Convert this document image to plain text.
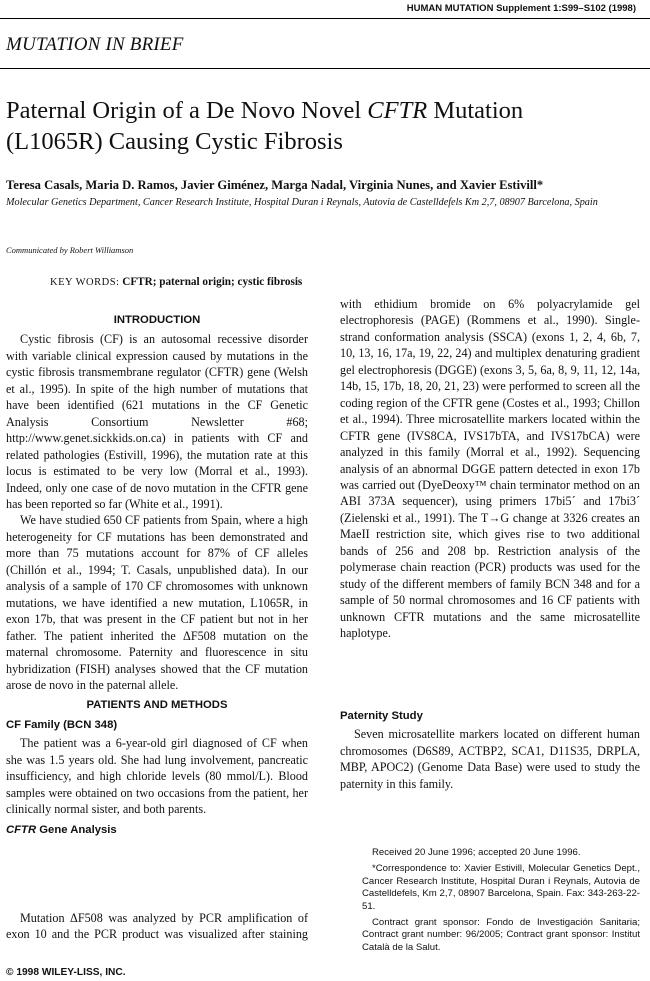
HUMAN MUTATION Supplement 1:S99–S102 (1998)
MUTATION IN BRIEF
Paternal Origin of a De Novo Novel CFTR Mutation
(L1065R) Causing Cystic Fibrosis
Teresa Casals, Maria D. Ramos, Javier Giménez, Marga Nadal, Virginia Nunes, and Xavier Estivill*
Molecular Genetics Department, Cancer Research Institute, Hospital Duran i Reynals, Autovia de Castelldefels Km 2,7, 08907 Barcelona, Spain
Communicated by Robert Williamson
KEY WORDS: CFTR; paternal origin; cystic fibrosis
INTRODUCTION

Cystic fibrosis (CF) is an autosomal recessive disorder with variable clinical expression caused by mutations in the cystic fibrosis transmembrane regulator (CFTR) gene (Welsh et al., 1995). In spite of the high number of mutations that have been identified (621 mutations in the CF Genetic Analysis Consortium Newsletter #68; http://www.genet.sickkids.on.ca) in patients with CF and related pathologies (Estivill, 1996), the mutation rate at this locus is estimated to be very low (Morral et al., 1993). Indeed, only one case of de novo mutation in the CFTR gene has been reported so far (White et al., 1991).

We have studied 650 CF patients from Spain, where a high heterogeneity for CF mutations has been demonstrated and more than 75 mutations account for 87% of CF alleles (Chillón et al., 1994; T. Casals, unpublished data). In our analysis of a sample of 170 CF chromosomes with unknown mutations, we have identified a new mutation, L1065R, in exon 17b, that was present in the CF patient but not in her father. The patient inherited the ΔF508 mutation on the maternal chromosome. Paternity and fluorescence in situ hybridization (FISH) analyses showed that the CF mutation arose de novo in the paternal allele.

PATIENTS AND METHODS
CF Family (BCN 348)

The patient was a 6-year-old girl diagnosed of CF when she was 1.5 years old. She had lung involvement, pancreatic insufficiency, and high chloride levels (80 mmol/L). Blood samples were obtained on two occasions from the patient, her clinically normal sister, and both parents.

CFTR Gene Analysis

Mutation ΔF508 was analyzed by PCR amplification of exon 10 and the PCR product was visualized after staining

with ethidium bromide on 6% polyacrylamide gel electrophoresis (PAGE) (Rommens et al., 1990). Single-strand conformation analysis (SSCA) (exons 1, 2, 4, 6b, 7, 10, 13, 16, 17a, 19, 22, 24) and multiplex denaturing gradient gel electrophoresis (DGGE) (exons 3, 5, 6a, 8, 9, 11, 12, 14a, 14b, 15, 17b, 18, 20, 21, 23) were performed to screen all the coding region of the CFTR gene (Costes et al., 1993; Chillon et al., 1994). Three microsatellite markers located within the CFTR gene (IVS8CA, IVS17bTA, and IVS17bCA) were analyzed in this family (Morral et al., 1992). Sequencing analysis of an abnormal DGGE pattern detected in exon 17b was carried out (DyeDeoxy™ chain terminator method on an ABI 373A sequencer), using primers 17bi5´ and 17bi3´ (Zielenski et al., 1991). The T→G change at 3326 creates an MaeII restriction site, which gives rise to two additional bands of 256 and 208 bp. Restriction analysis of the polymerase chain reaction (PCR) products was used for the study of the different members of family BCN 348 and for a sample of 50 normal chromosomes and 16 CF patients with unknown CFTR mutations and the same microsatellite haplotype.

Paternity Study

Seven microsatellite markers located on different human chromosomes (D6S89, ACTBP2, SCA1, D11S35, DRPLA, MBP, APOC2) (Genome Data Base) were used to study the paternity in this family.

Received 20 June 1996; accepted 20 June 1996.

*Correspondence to: Xavier Estivill, Molecular Genetics Dept., Cancer Research Institute, Hospital Duran i Reynals, Autovia de Castelldefels, Km 2,7, 08907 Barcelona, Spain. Fax: 343-263-22-51.

Contract grant sponsor: Fondo de Investigación Sanitaria; Contract grant number: 96/2005; Contract grant sponsor: Institut Català de la Salut.

© 1998 WILEY-LISS, INC.
